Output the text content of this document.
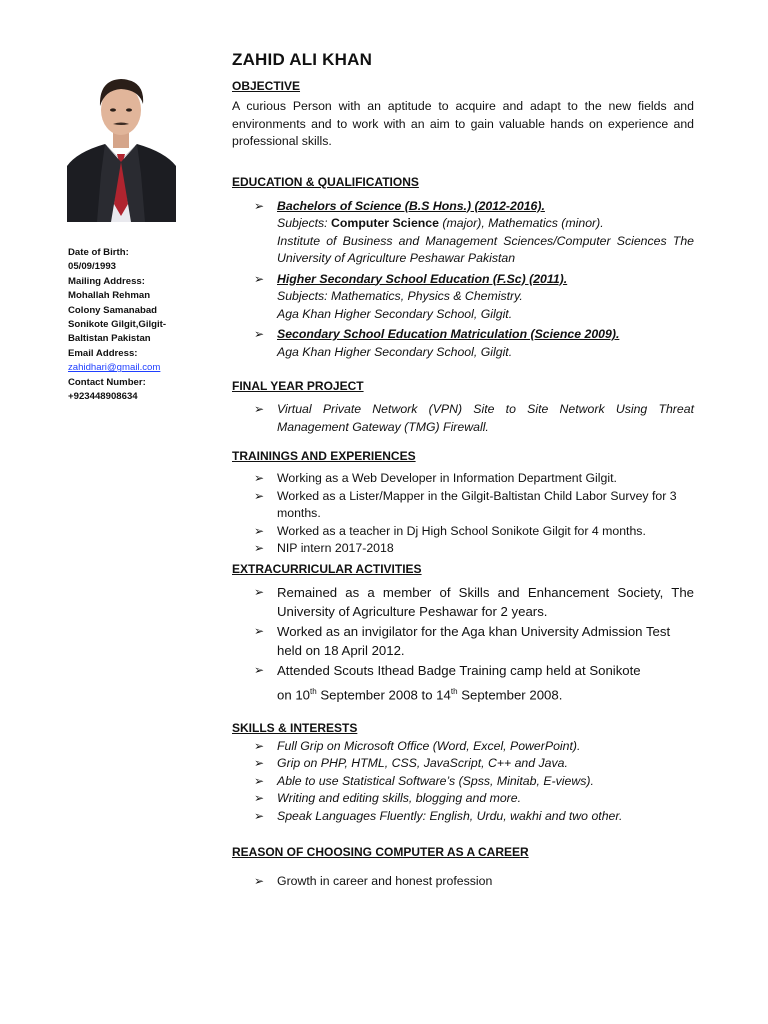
Date of Birth:
05/09/1993
Mailing Address:
Mohallah Rehman
Colony Samanabad
Sonikote Gilgit,Gilgit-
Baltistan Pakistan
Email Address:
zahidhari@gmail.com
Contact Number:
+923448908634
ZAHID ALI KHAN
OBJECTIVE
A curious Person with an aptitude to acquire and adapt to the new fields and environments and to work with an aim to gain valuable hands on experience and professional skills.
EDUCATION & QUALIFICATIONS
➢ Bachelors of Science (B.S Hons.) (2012-2016).
Subjects: Computer Science (major), Mathematics (minor).
Institute of Business and Management Sciences/Computer Sciences The University of Agriculture Peshawar Pakistan
➢ Higher Secondary School Education (F.Sc) (2011).
Subjects: Mathematics, Physics & Chemistry.
Aga Khan Higher Secondary School, Gilgit.
➢ Secondary School Education Matriculation (Science 2009).
Aga Khan Higher Secondary School, Gilgit.
FINAL YEAR PROJECT
➢ Virtual Private Network (VPN) Site to Site Network Using Threat Management Gateway (TMG) Firewall.
TRAININGS AND EXPERIENCES
➢ Working as a Web Developer in Information Department Gilgit.
➢ Worked as a Lister/Mapper in the Gilgit-Baltistan Child Labor Survey for 3 months.
➢ Worked as a teacher in Dj High School Sonikote Gilgit for 4 months.
➢ NIP intern 2017-2018
EXTRACURRICULAR ACTIVITIES
➢ Remained as a member of Skills and Enhancement Society, The University of Agriculture Peshawar for 2 years.
➢ Worked as an invigilator for the Aga khan University Admission Test held on 18 April 2012.
➢ Attended Scouts Ithead Badge Training camp held at Sonikote
on 10th September 2008 to 14th September 2008.
SKILLS & INTERESTS
➢ Full Grip on Microsoft Office (Word, Excel, PowerPoint).
➢ Grip on PHP, HTML, CSS, JavaScript, C++ and Java.
➢ Able to use Statistical Software’s (Spss, Minitab, E-views).
➢ Writing and editing skills, blogging and more.
➢ Speak Languages Fluently: English, Urdu, wakhi and two other.
REASON OF CHOOSING COMPUTER AS A CAREER
➢ Growth in career and honest profession
